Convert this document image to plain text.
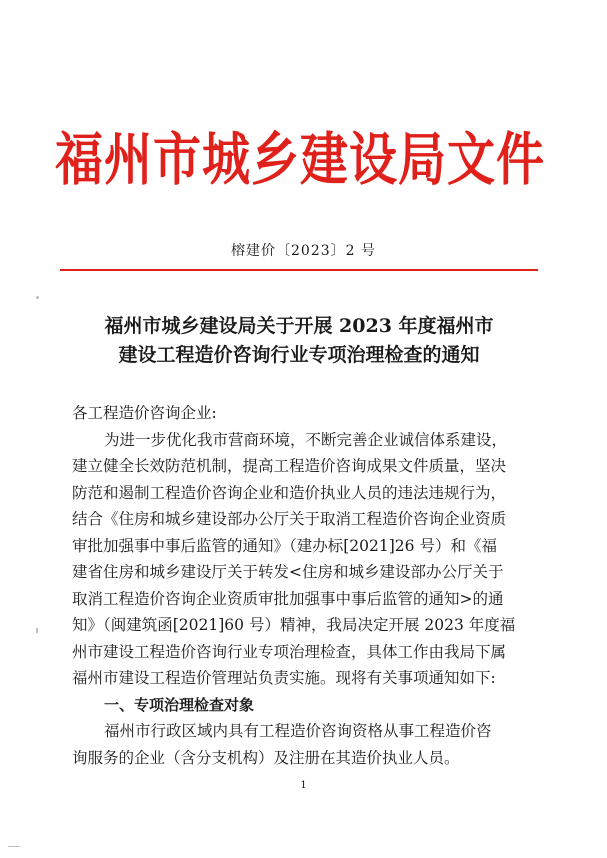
福州市城乡建设局文件
榕建价〔2023〕2 号
福州市城乡建设局关于开展 2023 年度福州市
建设工程造价咨询行业专项治理检查的通知
各工程造价咨询企业:
为进一步优化我市营商环境，不断完善企业诚信体系建设，
建立健全长效防范机制，提高工程造价咨询成果文件质量，坚决
防范和遏制工程造价咨询企业和造价执业人员的违法违规行为，
结合《住房和城乡建设部办公厅关于取消工程造价咨询企业资质
审批加强事中事后监管的通知》（建办标[2021]26 号）和《福
建省住房和城乡建设厅关于转发<住房和城乡建设部办公厅关于
取消工程造价咨询企业资质审批加强事中事后监管的通知>的通
知》（闽建筑函[2021]60 号）精神，我局决定开展 2023 年度福
州市建设工程造价咨询行业专项治理检查，具体工作由我局下属
福州市建设工程造价管理站负责实施。现将有关事项通知如下:
一、专项治理检查对象
福州市行政区域内具有工程造价咨询资格从事工程造价咨
询服务的企业（含分支机构）及注册在其造价执业人员。
1
